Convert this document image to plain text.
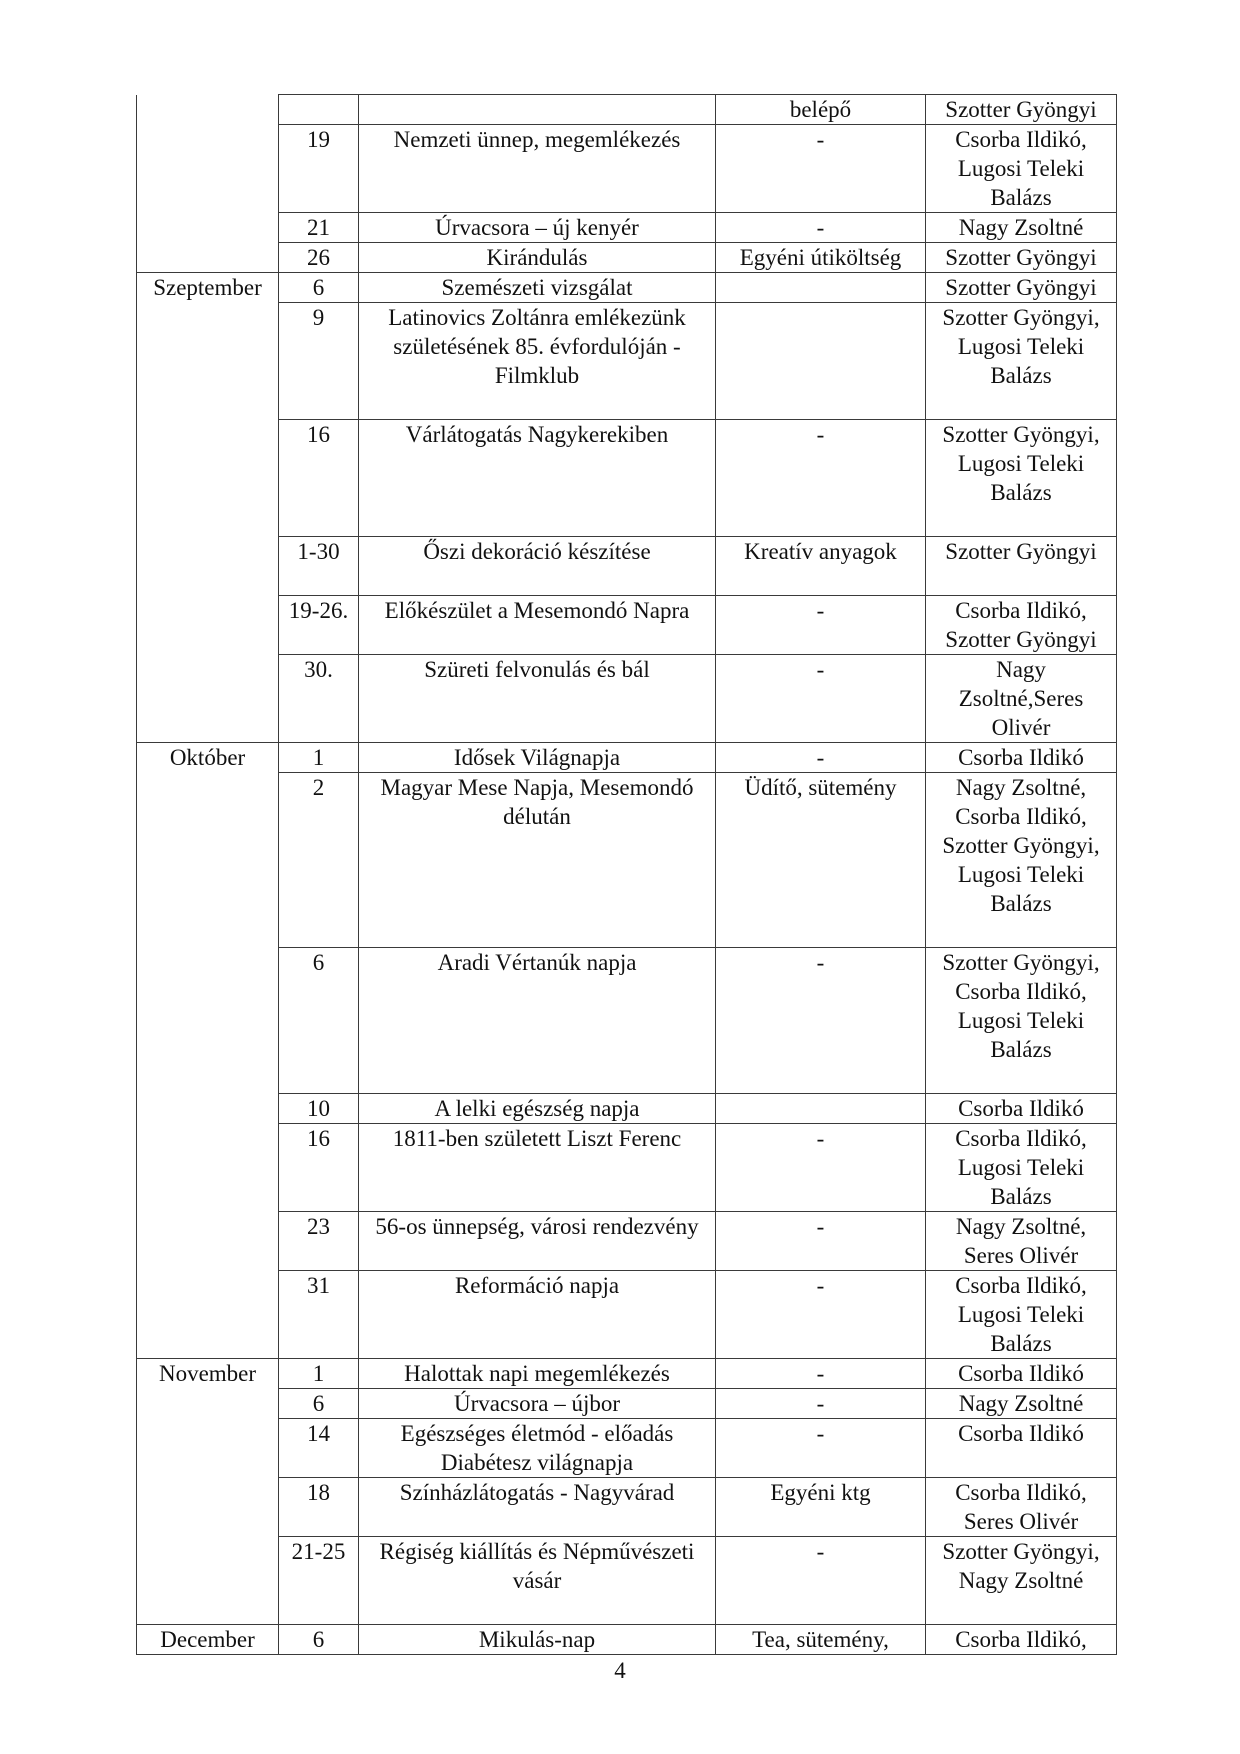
			belépő	Szotter Gyöngyi
	19	Nemzeti ünnep, megemlékezés	-	Csorba Ildikó, Lugosi Teleki Balázs
	21	Úrvacsora – új kenyér	-	Nagy Zsoltné
	26	Kirándulás	Egyéni útiköltség	Szotter Gyöngyi
Szeptember	6	Szemészeti vizsgálat		Szotter Gyöngyi
	9	Latinovics Zoltánra emlékezünk születésének 85. évfordulóján - Filmklub		Szotter Gyöngyi, Lugosi Teleki Balázs
	16	Várlátogatás Nagykerekiben	-	Szotter Gyöngyi, Lugosi Teleki Balázs
	1-30	Őszi dekoráció készítése	Kreatív anyagok	Szotter Gyöngyi
	19-26.	Előkészület a Mesemondó Napra	-	Csorba Ildikó, Szotter Gyöngyi
	30.	Szüreti felvonulás és bál	-	Nagy Zsoltné,Seres Olivér
Október	1	Idősek Világnapja	-	Csorba Ildikó
	2	Magyar Mese Napja, Mesemondó délután	Üdítő, sütemény	Nagy Zsoltné, Csorba Ildikó, Szotter Gyöngyi, Lugosi Teleki Balázs
	6	Aradi Vértanúk napja	-	Szotter Gyöngyi, Csorba Ildikó, Lugosi Teleki Balázs
	10	A lelki egészség napja		Csorba Ildikó
	16	1811-ben született Liszt Ferenc	-	Csorba Ildikó, Lugosi Teleki Balázs
	23	56-os ünnepség, városi rendezvény	-	Nagy Zsoltné, Seres Olivér
	31	Reformáció napja	-	Csorba Ildikó, Lugosi Teleki Balázs
November	1	Halottak napi megemlékezés	-	Csorba Ildikó
	6	Úrvacsora – újbor	-	Nagy Zsoltné
	14	Egészséges életmód - előadás Diabétesz világnapja	-	Csorba Ildikó
	18	Színházlátogatás - Nagyvárad	Egyéni ktg	Csorba Ildikó, Seres Olivér
	21-25	Régiség kiállítás és Népművészeti vásár	-	Szotter Gyöngyi, Nagy Zsoltné
December	6	Mikulás-nap	Tea, sütemény,	Csorba Ildikó,
4
